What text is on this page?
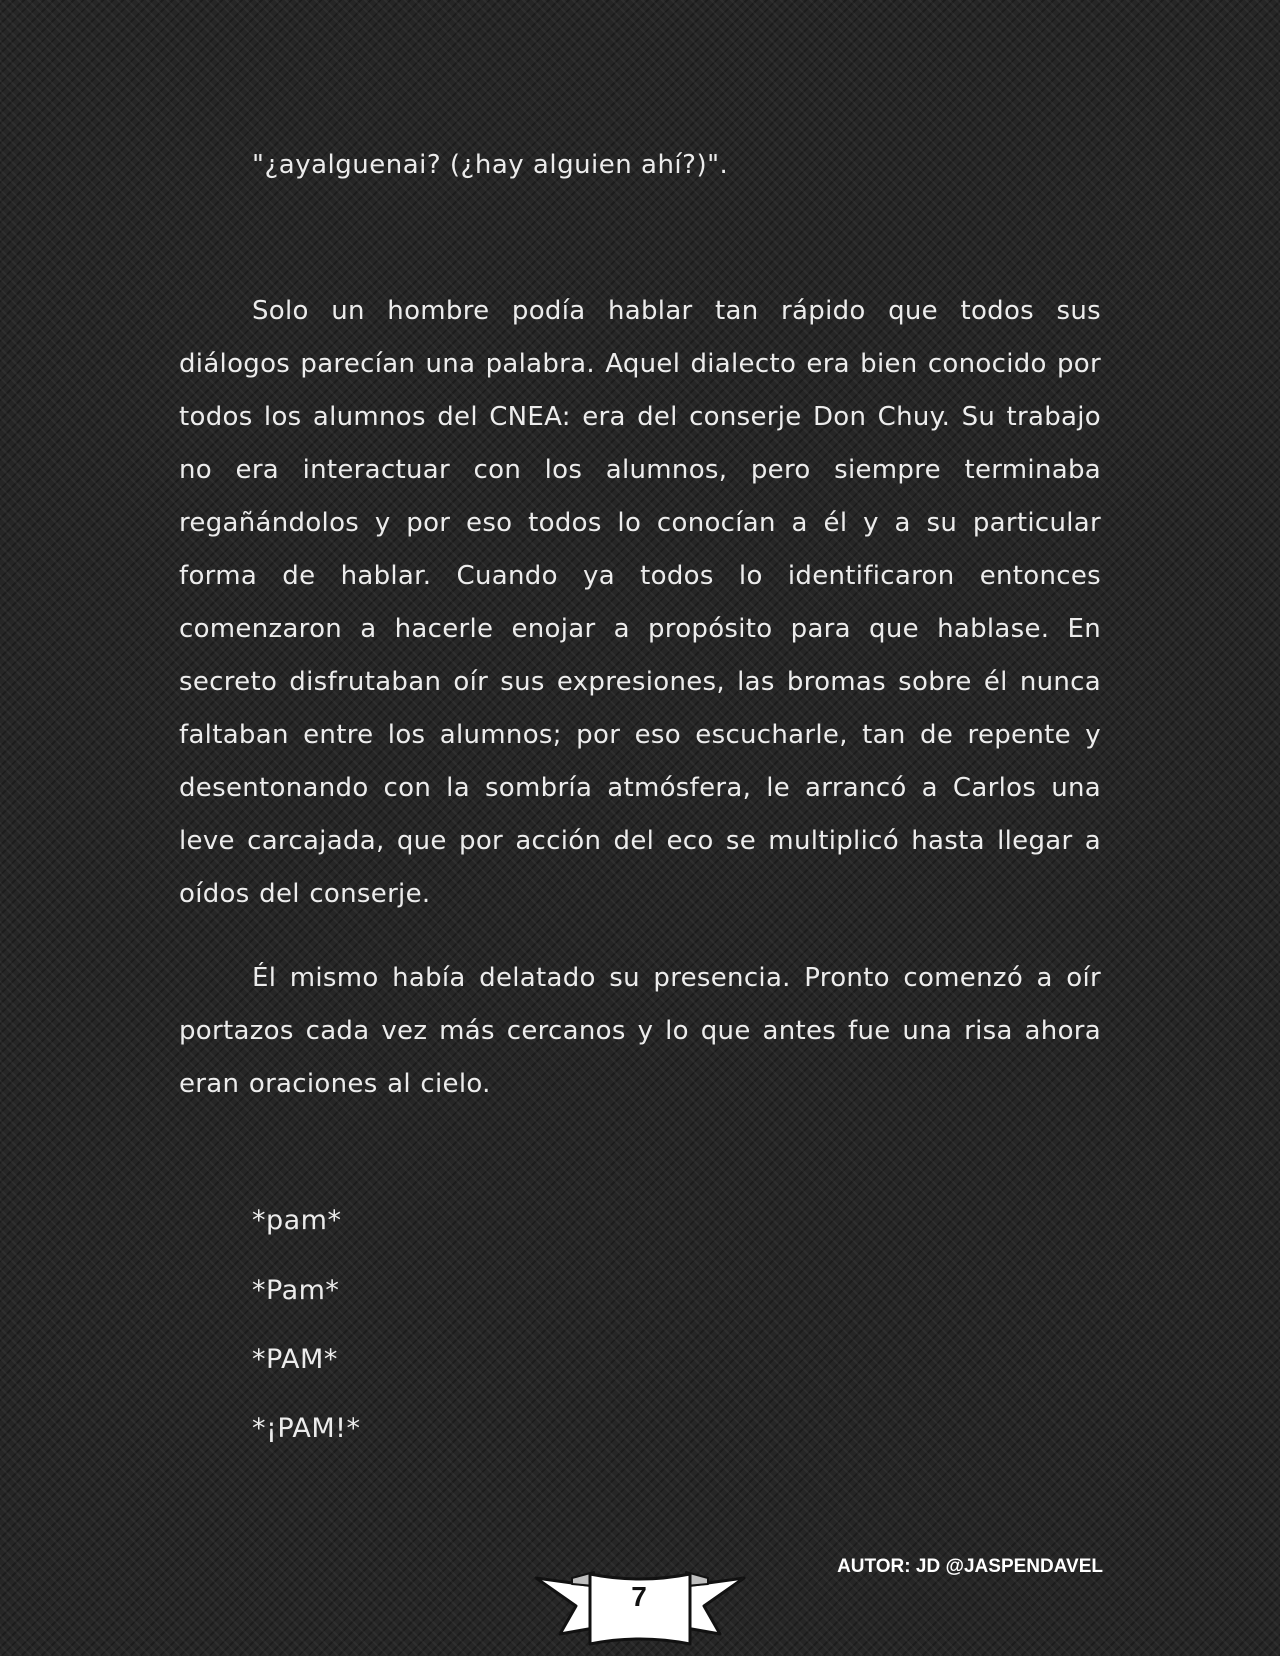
"¿ayalguenai? (¿hay alguien ahí?)".

Solo un hombre podía hablar tan rápido que todos sus diálogos parecían una palabra. Aquel dialecto era bien conocido por todos los alumnos del CNEA: era del conserje Don Chuy. Su trabajo no era interactuar con los alumnos, pero siempre terminaba regañándolos y por eso todos lo conocían a él y a su particular forma de hablar. Cuando ya todos lo identificaron entonces comenzaron a hacerle enojar a propósito para que hablase. En secreto disfrutaban oír sus expresiones, las bromas sobre él nunca faltaban entre los alumnos; por eso escucharle, tan de repente y desentonando con la sombría atmósfera, le arrancó a Carlos una leve carcajada, que por acción del eco se multiplicó hasta llegar a oídos del conserje.

Él mismo había delatado su presencia. Pronto comenzó a oír portazos cada vez más cercanos y lo que antes fue una risa ahora eran oraciones al cielo.

*pam*

*Pam*

*PAM*

*¡PAM!*

7
AUTOR: JD @JASPENDAVEL
